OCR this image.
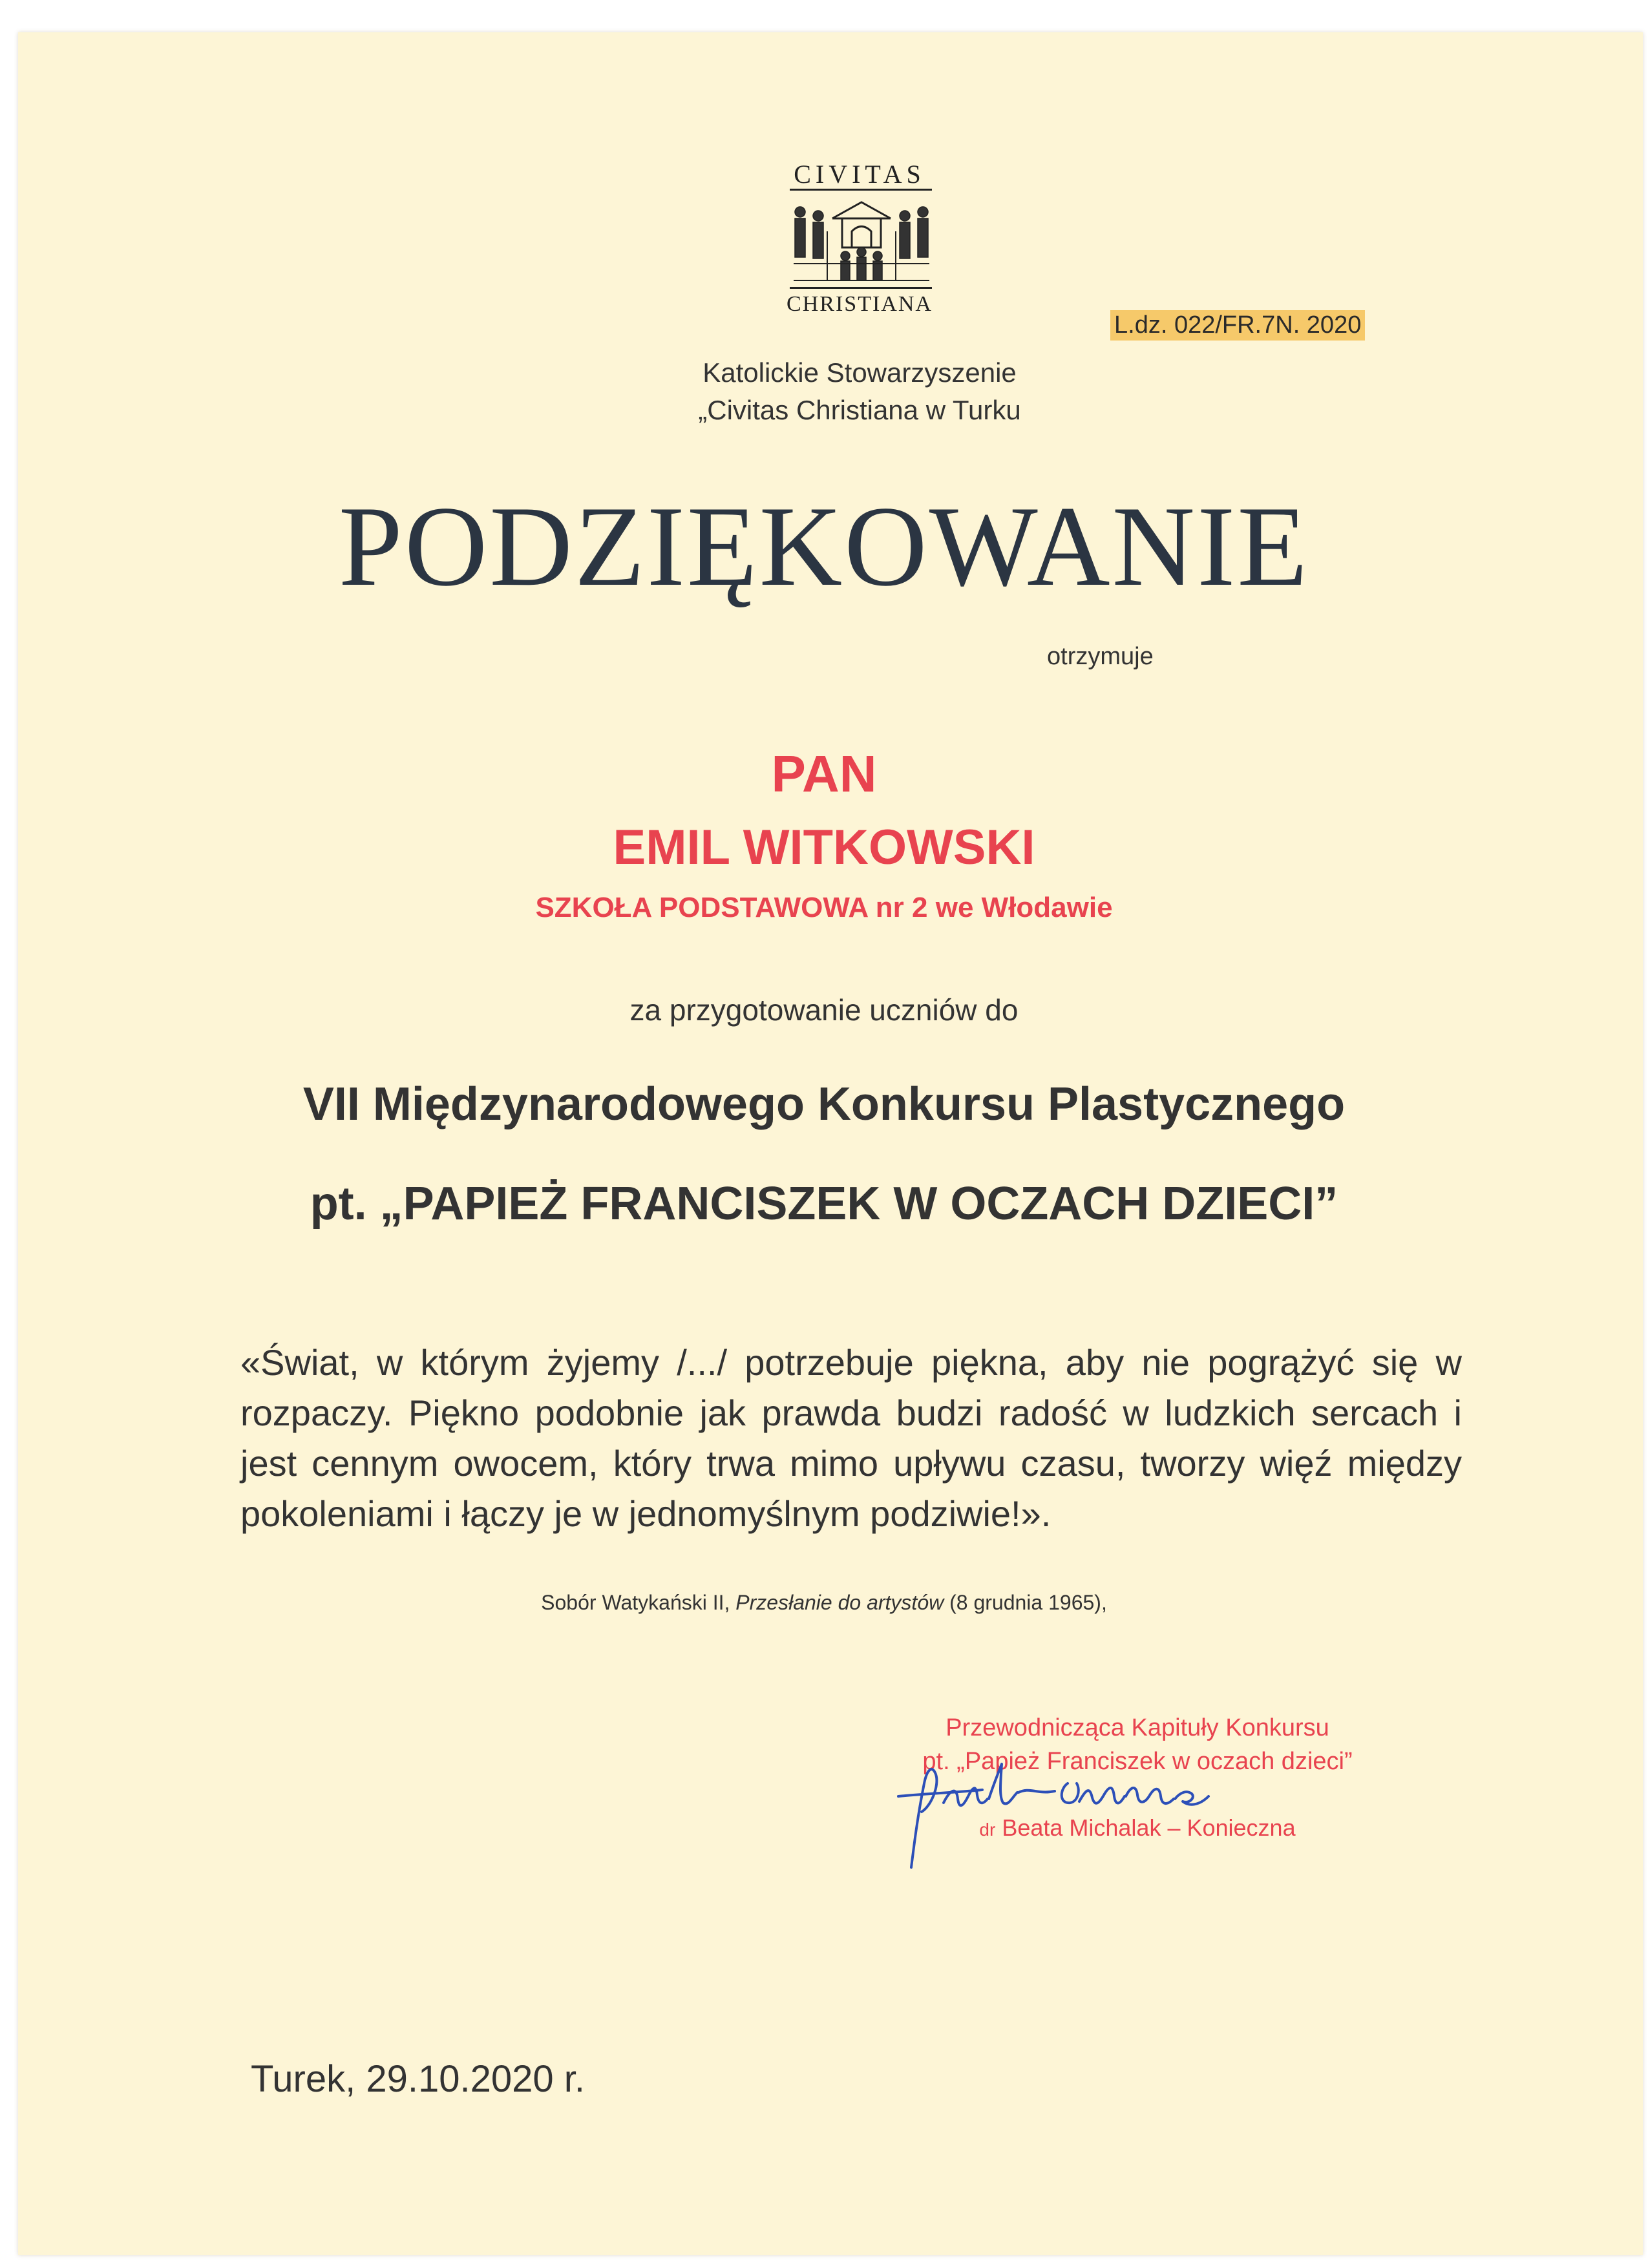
CIVITAS
CHRISTIANA
L.dz. 022/FR.7N. 2020
Katolickie Stowarzyszenie
„Civitas Christiana w Turku
PODZIĘKOWANIE
otrzymuje
PAN
EMIL WITKOWSKI
SZKOŁA PODSTAWOWA nr 2 we Włodawie
za przygotowanie uczniów do
VII Międzynarodowego Konkursu Plastycznego
pt. „PAPIEŻ FRANCISZEK W OCZACH DZIECI”
«Świat, w którym żyjemy /.../ potrzebuje piękna, aby nie pogrążyć się w rozpaczy. Piękno podobnie jak prawda budzi radość w ludzkich sercach i jest cennym owocem, który trwa mimo upływu czasu, tworzy więź między pokoleniami i łączy je w jednomyślnym podziwie!».
Sobór Watykański II, Przesłanie do artystów (8 grudnia 1965),
Przewodnicząca Kapituły Konkursu
pt. „Papież Franciszek w oczach dzieci”
dr Beata Michalak – Konieczna
Turek, 29.10.2020 r.
